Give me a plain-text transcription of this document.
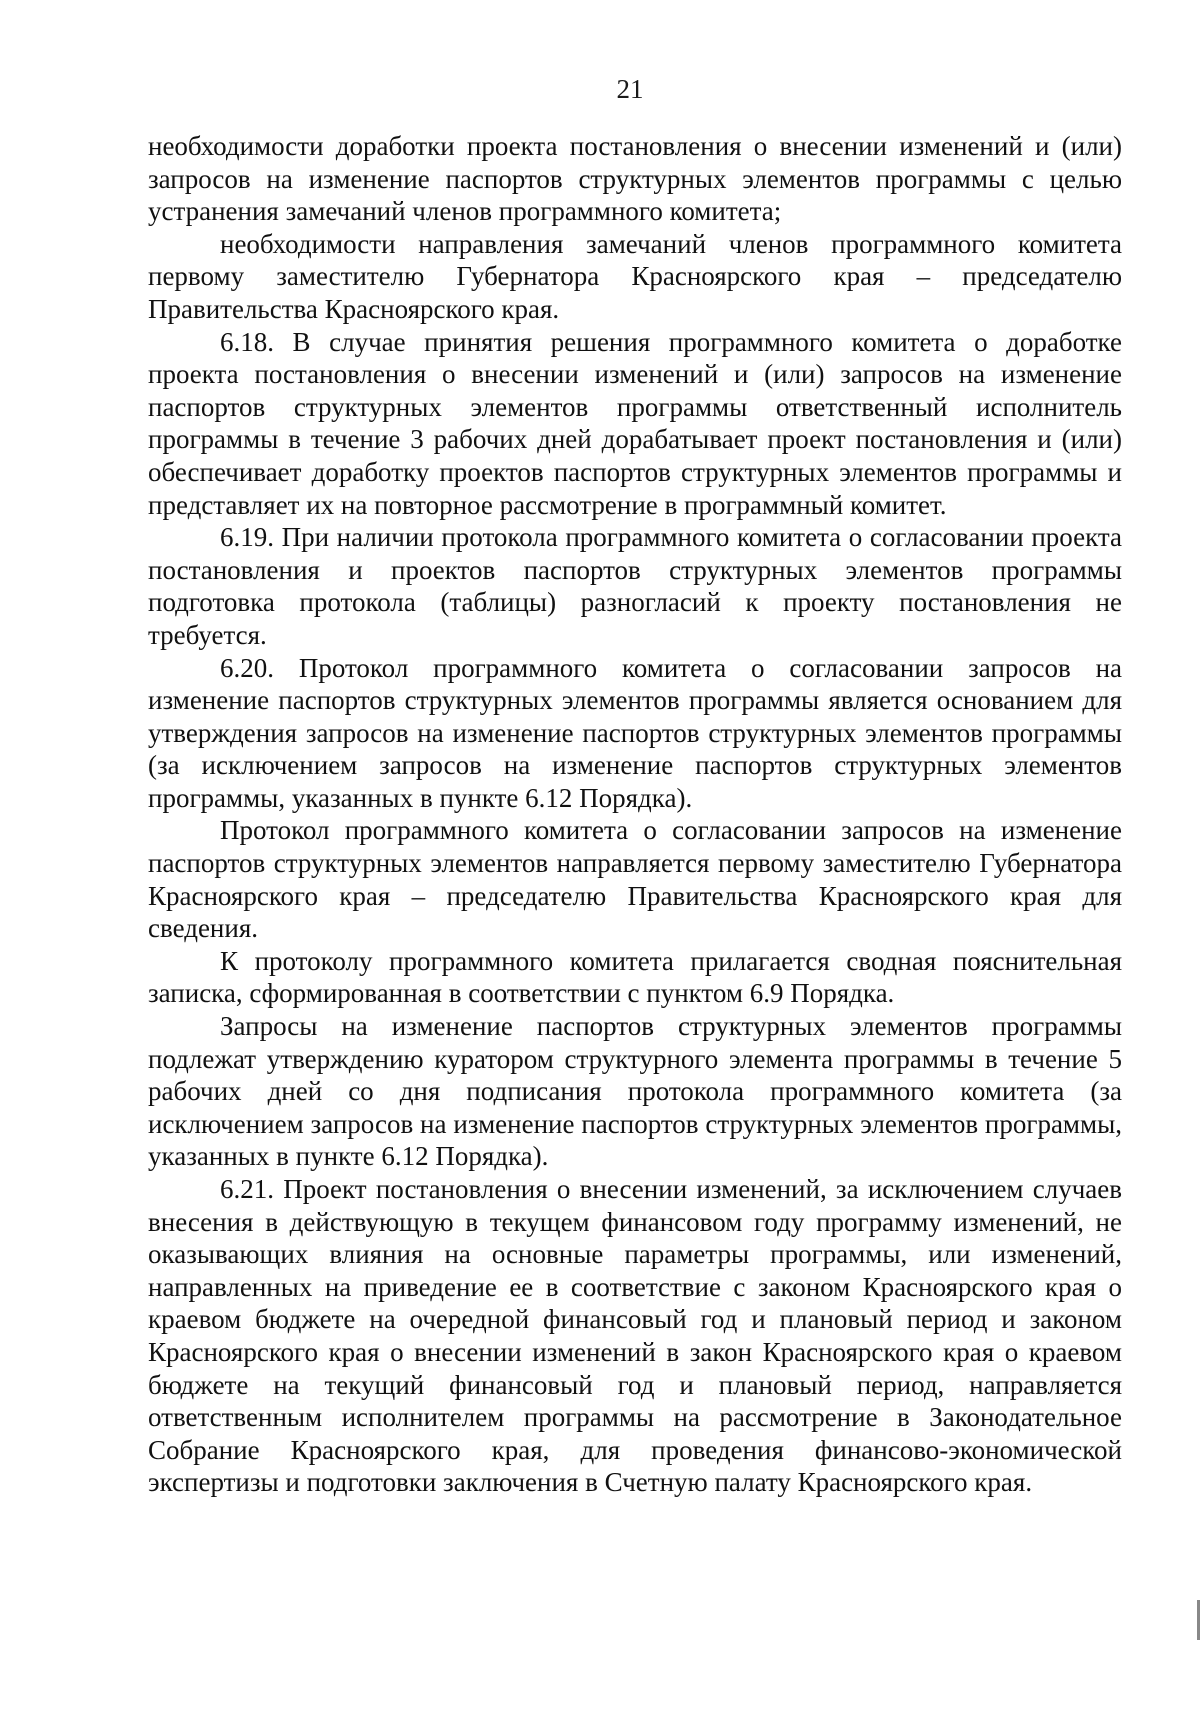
21

необходимости доработки проекта постановления о внесении изменений и (или) запросов на изменение паспортов структурных элементов программы с целью устранения замечаний членов программного комитета;

необходимости направления замечаний членов программного комитета первому заместителю Губернатора Красноярского края – председателю Правительства Красноярского края.

6.18. В случае принятия решения программного комитета о доработке проекта постановления о внесении изменений и (или) запросов на изменение паспортов структурных элементов программы ответственный исполнитель программы в течение 3 рабочих дней дорабатывает проект постановления и (или) обеспечивает доработку проектов паспортов структурных элементов программы и представляет их на повторное рассмотрение в программный комитет.

6.19. При наличии протокола программного комитета о согласовании проекта постановления и проектов паспортов структурных элементов программы подготовка протокола (таблицы) разногласий к проекту постановления не требуется.

6.20. Протокол программного комитета о согласовании запросов на изменение паспортов структурных элементов программы является основанием для утверждения запросов на изменение паспортов структурных элементов программы (за исключением запросов на изменение паспортов структурных элементов программы, указанных в пункте 6.12 Порядка).

Протокол программного комитета о согласовании запросов на изменение паспортов структурных элементов направляется первому заместителю Губернатора Красноярского края – председателю Правительства Красноярского края для сведения.

К протоколу программного комитета прилагается сводная пояснительная записка, сформированная в соответствии с пунктом 6.9 Порядка.

Запросы на изменение паспортов структурных элементов программы подлежат утверждению куратором структурного элемента программы в течение 5 рабочих дней со дня подписания протокола программного комитета (за исключением запросов на изменение паспортов структурных элементов программы, указанных в пункте 6.12 Порядка).

6.21. Проект постановления о внесении изменений, за исключением случаев внесения в действующую в текущем финансовом году программу изменений, не оказывающих влияния на основные параметры программы, или изменений, направленных на приведение ее в соответствие с законом Красноярского края о краевом бюджете на очередной финансовый год и плановый период и законом Красноярского края о внесении изменений в закон Красноярского края о краевом бюджете на текущий финансовый год и плановый период, направляется ответственным исполнителем программы на рассмотрение в Законодательное Собрание Красноярского края, для проведения финансово-экономической экспертизы и подготовки заключения в Счетную палату Красноярского края.
